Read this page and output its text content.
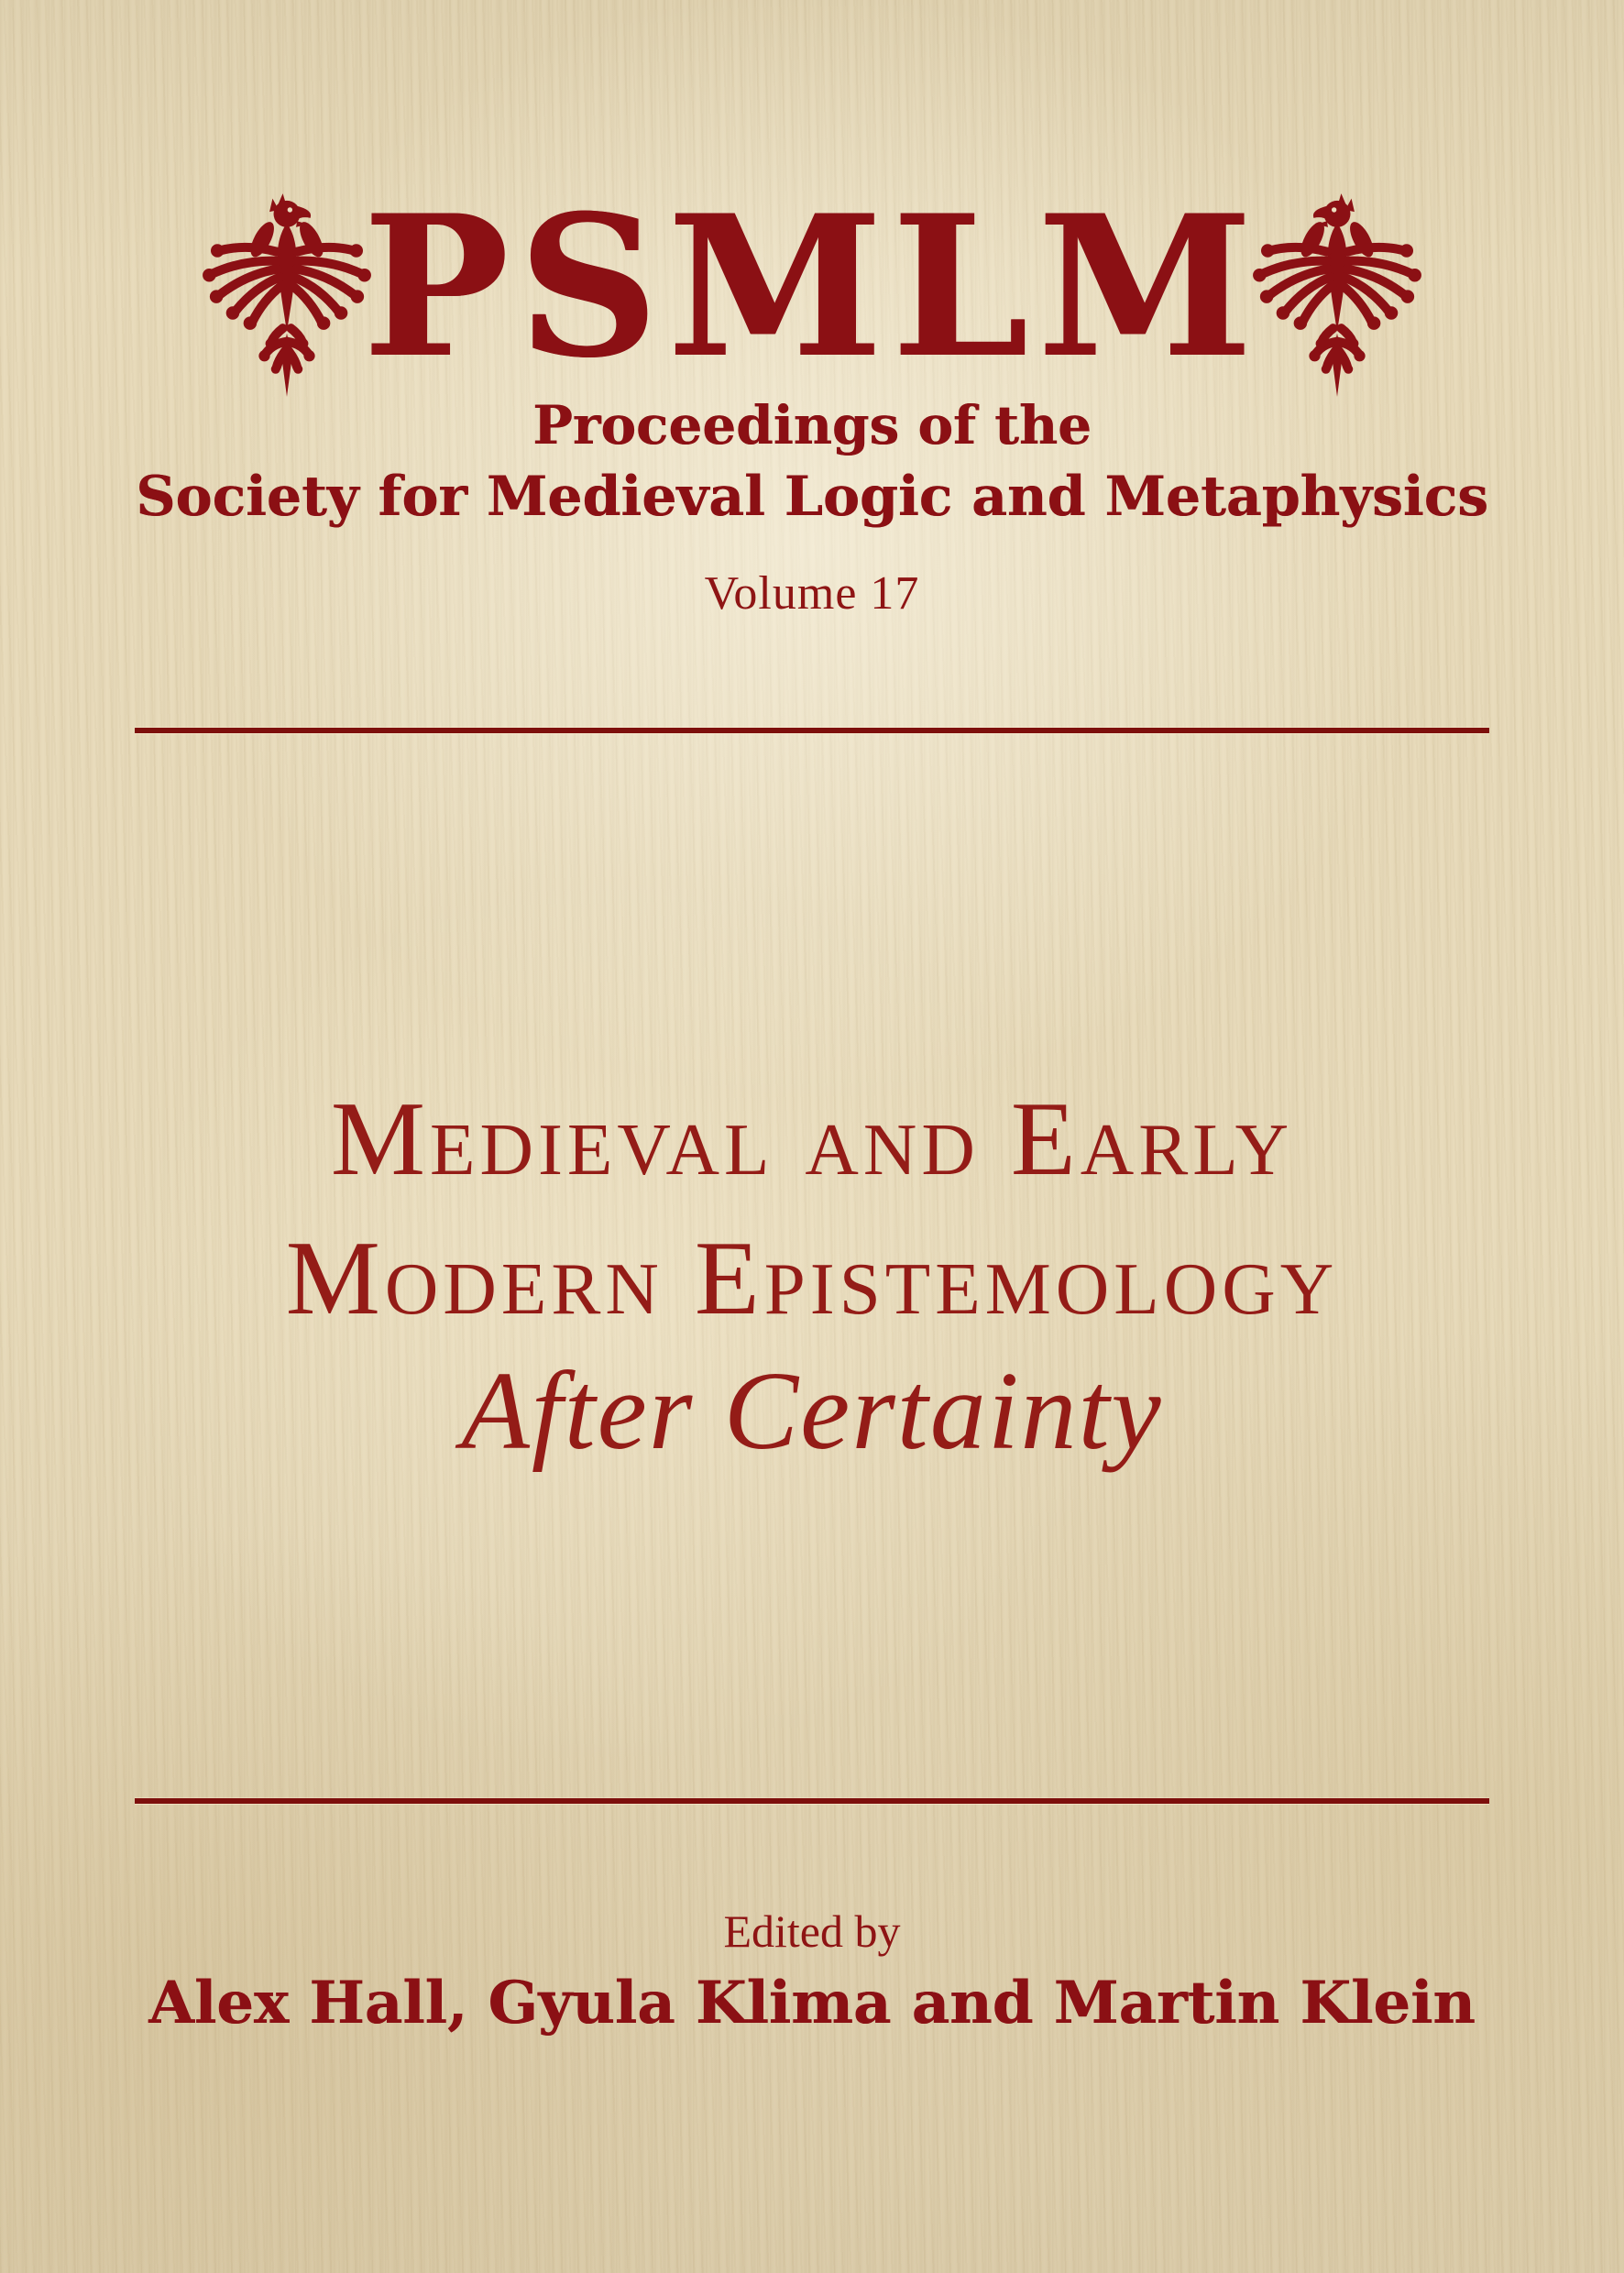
PSMLM
Proceedings of the
Society for Medieval Logic and Metaphysics
Volume 17
Medieval and Early
Modern Epistemology
After Certainty
Edited by
Alex Hall, Gyula Klima and Martin Klein
